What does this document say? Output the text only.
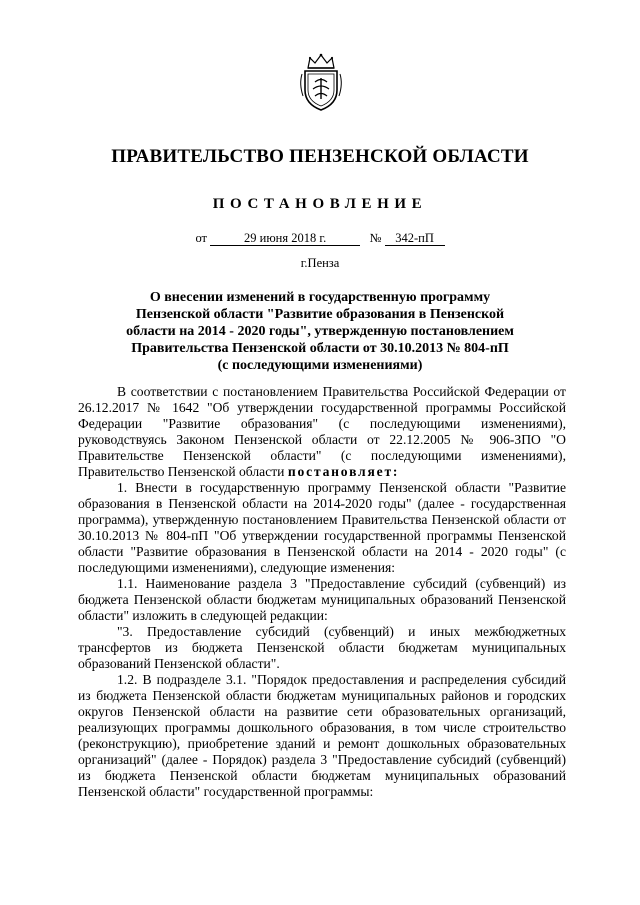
ПРАВИТЕЛЬСТВО ПЕНЗЕНСКОЙ ОБЛАСТИ
ПОСТАНОВЛЕНИЕ
от	29 июня 2018 г.	№ 342-пП
г.Пенза
О внесении изменений в государственную программу
Пензенской области "Развитие образования в Пензенской
области на 2014 - 2020 годы", утвержденную постановлением
Правительства Пензенской области от 30.10.2013 № 804-пП
(с последующими изменениями)

В соответствии с постановлением Правительства Российской Федерации от 26.12.2017 № 1642 "Об утверждении государственной программы Российской Федерации "Развитие образования" (с последующими изменениями), руководствуясь Законом Пензенской области от 22.12.2005 № 906-ЗПО "О Правительстве Пензенской области" (с последующими изменениями), Правительство Пензенской области постановляет:

1. Внести в государственную программу Пензенской области "Развитие образования в Пензенской области на 2014-2020 годы" (далее - государственная программа), утвержденную постановлением Правительства Пензенской области от 30.10.2013 № 804-пП "Об утверждении государственной программы Пензенской области "Развитие образования в Пензенской области на 2014 - 2020 годы" (с последующими изменениями), следующие изменения:

1.1. Наименование раздела 3 "Предоставление субсидий (субвенций) из бюджета Пензенской области бюджетам муниципальных образований Пензенской области" изложить в следующей редакции:

"3. Предоставление субсидий (субвенций) и иных межбюджетных трансфертов из бюджета Пензенской области бюджетам муниципальных образований Пензенской области".

1.2. В подразделе 3.1. "Порядок предоставления и распределения субсидий из бюджета Пензенской области бюджетам муниципальных районов и городских округов Пензенской области на развитие сети образовательных организаций, реализующих программы дошкольного образования, в том числе строительство (реконструкцию), приобретение зданий и ремонт дошкольных образовательных организаций" (далее - Порядок) раздела 3 "Предоставление субсидий (субвенций) из бюджета Пензенской области бюджетам муниципальных образований Пензенской области" государственной программы:
